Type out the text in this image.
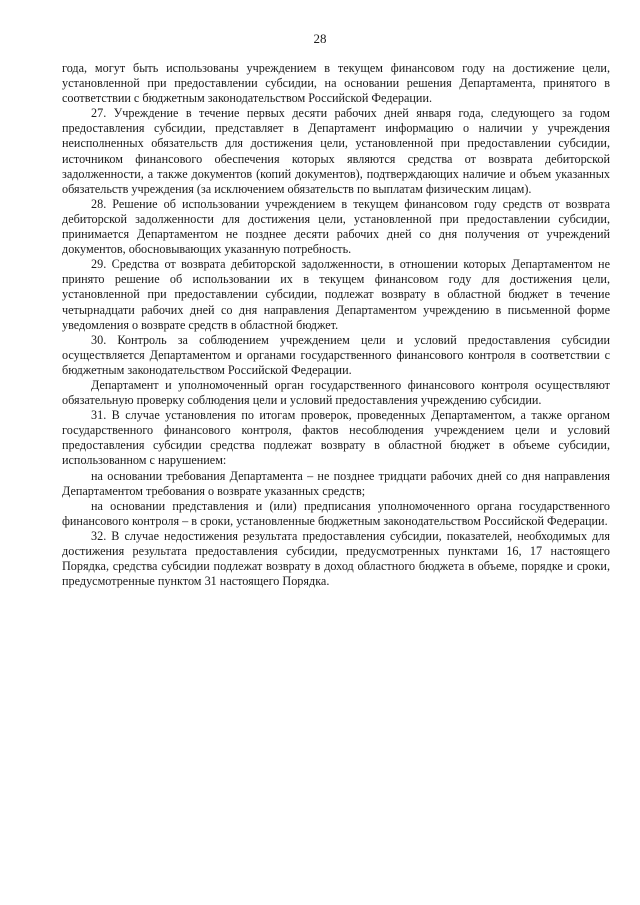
28

года, могут быть использованы учреждением в текущем финансовом году на достижение цели, установленной при предоставлении субсидии, на основании решения Департамента, принятого в соответствии с бюджетным законодательством Российской Федерации.

27. Учреждение в течение первых десяти рабочих дней января года, следующего за годом предоставления субсидии, представляет в Департамент информацию о наличии у учреждения неисполненных обязательств для достижения цели, установленной при предоставлении субсидии, источником финансового обеспечения которых являются средства от возврата дебиторской задолженности, а также документов (копий документов), подтверждающих наличие и объем указанных обязательств учреждения (за исключением обязательств по выплатам физическим лицам).

28. Решение об использовании учреждением в текущем финансовом году средств от возврата дебиторской задолженности для достижения цели, установленной при предоставлении субсидии, принимается Департаментом не позднее десяти рабочих дней со дня получения от учреждений документов, обосновывающих указанную потребность.

29. Средства от возврата дебиторской задолженности, в отношении которых Департаментом не принято решение об использовании их в текущем финансовом году для достижения цели, установленной при предоставлении субсидии, подлежат возврату в областной бюджет в течение четырнадцати рабочих дней со дня направления Департаментом учреждению в письменной форме уведомления о возврате средств в областной бюджет.

30. Контроль за соблюдением учреждением цели и условий предоставления субсидии осуществляется Департаментом и органами государственного финансового контроля в соответствии с бюджетным законодательством Российской Федерации.

Департамент и уполномоченный орган государственного финансового контроля осуществляют обязательную проверку соблюдения цели и условий предоставления учреждению субсидии.

31. В случае установления по итогам проверок, проведенных Департаментом, а также органом государственного финансового контроля, фактов несоблюдения учреждением цели и условий предоставления субсидии средства подлежат возврату в областной бюджет в объеме субсидии, использованном с нарушением:

на основании требования Департамента – не позднее тридцати рабочих дней со дня направления Департаментом требования о возврате указанных средств;

на основании представления и (или) предписания уполномоченного органа государственного финансового контроля – в сроки, установленные бюджетным законодательством Российской Федерации.

32. В случае недостижения результата предоставления субсидии, показателей, необходимых для достижения результата предоставления субсидии, предусмотренных пунктами 16, 17 настоящего Порядка, средства субсидии подлежат возврату в доход областного бюджета в объеме, порядке и сроки, предусмотренные пунктом 31 настоящего Порядка.
